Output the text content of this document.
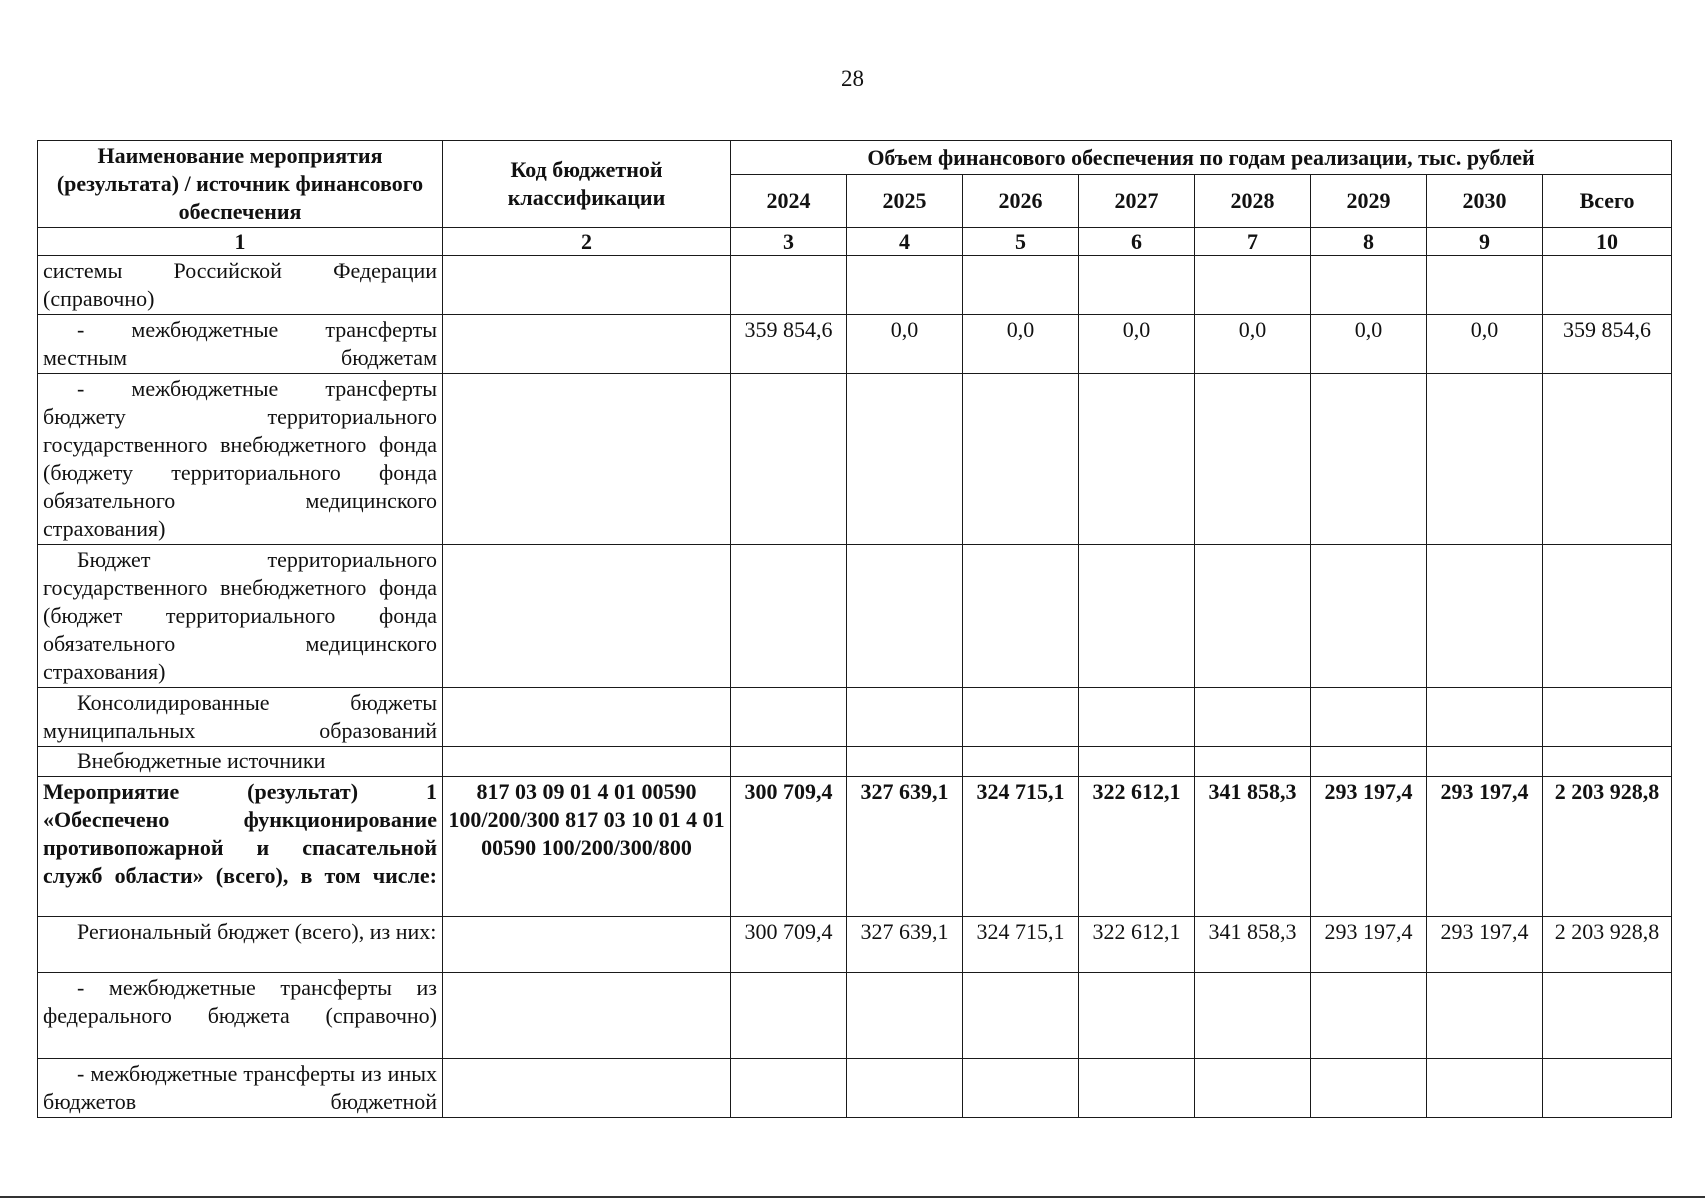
28
Наименование мероприятия (результата) / источник финансового обеспечения	Код бюджетной классификации	Объем финансового обеспечения по годам реализации, тыс. рублей							
		2024	2025	2026	2027	2028	2029	2030	Всего
1	2	3	4	5	6	7	8	9	10
системы Российской Федерации (справочно)									
- межбюджетные трансферты местным бюджетам		359 854,6	0,0	0,0	0,0	0,0	0,0	0,0	359 854,6
- межбюджетные трансферты бюджету территориального государственного внебюджетного фонда (бюджету территориального фонда обязательного медицинского страхования)									
Бюджет территориального государственного внебюджетного фонда (бюджет территориального фонда обязательного медицинского страхования)									
Консолидированные бюджеты муниципальных образований									
Внебюджетные источники									
Мероприятие (результат) 1 «Обеспечено функционирование противопожарной и спасательной служб области» (всего), в том числе:	817 03 09 01 4 01 00590 100/200/300 817 03 10 01 4 01 00590 100/200/300/800	300 709,4	327 639,1	324 715,1	322 612,1	341 858,3	293 197,4	293 197,4	2 203 928,8
Региональный бюджет (всего), из них:		300 709,4	327 639,1	324 715,1	322 612,1	341 858,3	293 197,4	293 197,4	2 203 928,8
- межбюджетные трансферты из федерального бюджета (справочно)									
- межбюджетные трансферты из иных бюджетов бюджетной									
